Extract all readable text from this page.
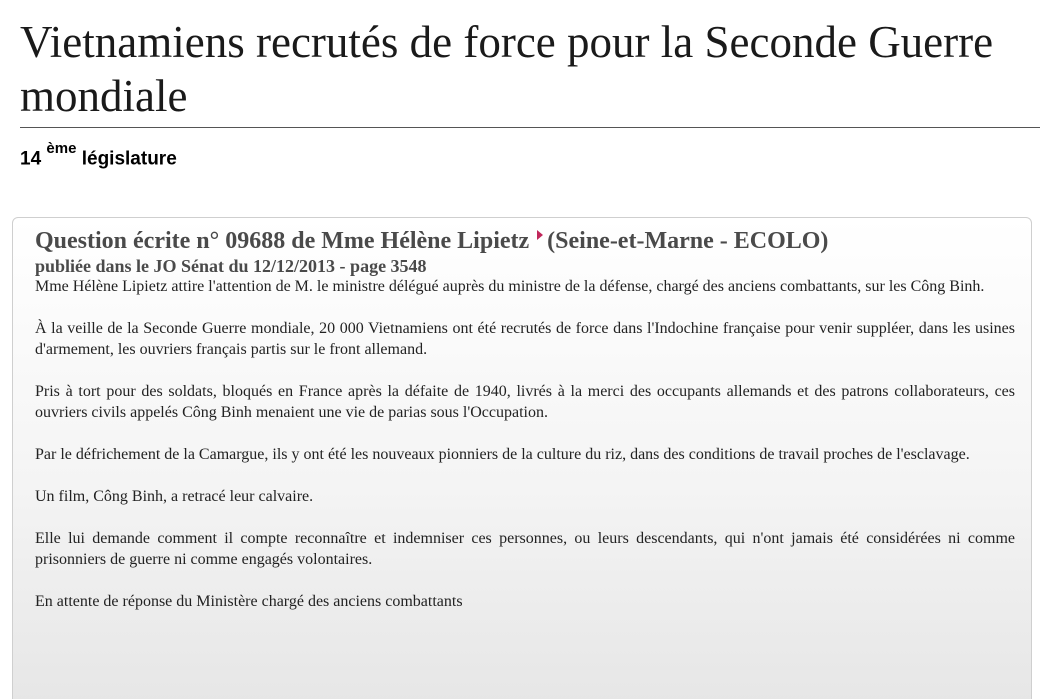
Vietnamiens recrutés de force pour la Seconde Guerre mondiale
14 $^{ème}$ législature
Question écrite n° 09688 de Mme Hélène Lipietz (Seine-et-Marne - ECOLO)
publiée dans le JO Sénat du 12/12/2013 - page 3548

Mme Hélène Lipietz attire l'attention de M. le ministre délégué auprès du ministre de la défense, chargé des anciens combattants, sur les Công Binh.

À la veille de la Seconde Guerre mondiale, 20 000 Vietnamiens ont été recrutés de force dans l'Indochine française pour venir suppléer, dans les usines d'armement, les ouvriers français partis sur le front allemand.

Pris à tort pour des soldats, bloqués en France après la défaite de 1940, livrés à la merci des occupants allemands et des patrons collaborateurs, ces ouvriers civils appelés Công Binh menaient une vie de parias sous l'Occupation.

Par le défrichement de la Camargue, ils y ont été les nouveaux pionniers de la culture du riz, dans des conditions de travail proches de l'esclavage.

Un film, Công Binh, a retracé leur calvaire.

Elle lui demande comment il compte reconnaître et indemniser ces personnes, ou leurs descendants, qui n'ont jamais été considérées ni comme prisonniers de guerre ni comme engagés volontaires.

En attente de réponse du Ministère chargé des anciens combattants
